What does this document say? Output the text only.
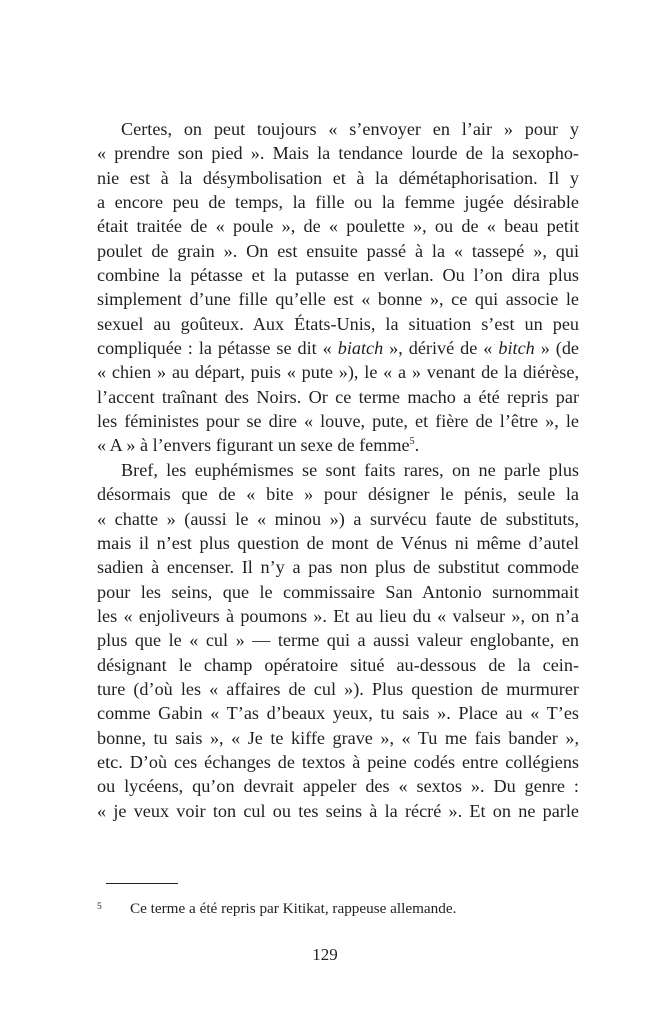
Certes, on peut toujours « s’envoyer en l’air » pour y
« prendre son pied ». Mais la tendance lourde de la sexopho-
nie est à la désymbolisation et à la démétaphorisation. Il y
a encore peu de temps, la fille ou la femme jugée désirable
était traitée de « poule », de « poulette », ou de « beau petit
poulet de grain ». On est ensuite passé à la « tassepé », qui
combine la pétasse et la putasse en verlan. Ou l’on dira plus
simplement d’une fille qu’elle est « bonne », ce qui associe le
sexuel au goûteux. Aux États-Unis, la situation s’est un peu
compliquée : la pétasse se dit « biatch », dérivé de « bitch » (de
« chien » au départ, puis « pute »), le « a » venant de la diérèse,
l’accent traînant des Noirs. Or ce terme macho a été repris par
les féministes pour se dire « louve, pute, et fière de l’être », le
« A » à l’envers figurant un sexe de femme$^5$.
Bref, les euphémismes se sont faits rares, on ne parle plus
désormais que de « bite » pour désigner le pénis, seule la
« chatte » (aussi le « minou ») a survécu faute de substituts,
mais il n’est plus question de mont de Vénus ni même d’autel
sadien à encenser. Il n’y a pas non plus de substitut commode
pour les seins, que le commissaire San Antonio surnommait
les « enjoliveurs à poumons ». Et au lieu du « valseur », on n’a
plus que le « cul » — terme qui a aussi valeur englobante, en
désignant le champ opératoire situé au-dessous de la cein-
ture (d’où les « affaires de cul »). Plus question de murmurer
comme Gabin « T’as d’beaux yeux, tu sais ». Place au « T’es
bonne, tu sais », « Je te kiffe grave », « Tu me fais bander »,
etc. D’où ces échanges de textos à peine codés entre collégiens
ou lycéens, qu’on devrait appeler des « sextos ». Du genre :
« je veux voir ton cul ou tes seins à la récré ». Et on ne parle
5 Ce terme a été repris par Kitikat, rappeuse allemande.
129
